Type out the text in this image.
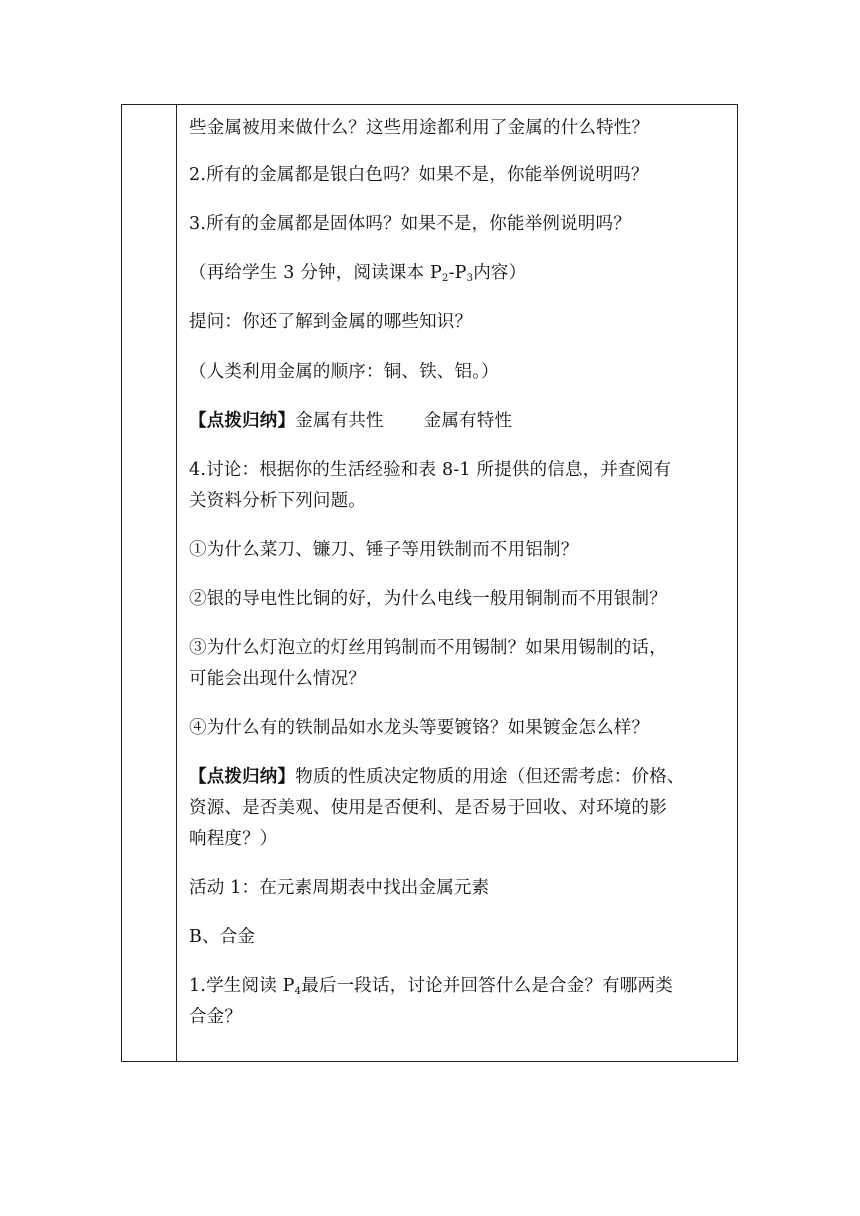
些金属被用来做什么？这些用途都利用了金属的什么特性？
2.所有的金属都是银白色吗？如果不是，你能举例说明吗？
3.所有的金属都是固体吗？如果不是，你能举例说明吗？
（再给学生 3 分钟，阅读课本 $P_2-P_3$内容）
提问：你还了解到金属的哪些知识？
（人类利用金属的顺序：铜、铁、铝。）
【点拨归纳】金属有共性 金属有特性
4.讨论：根据你的生活经验和表 8-1 所提供的信息，并查阅有
关资料分析下列问题。
①为什么菜刀、镰刀、锤子等用铁制而不用铝制？
②银的导电性比铜的好，为什么电线一般用铜制而不用银制？
③为什么灯泡立的灯丝用钨制而不用锡制？如果用锡制的话，
可能会出现什么情况？
④为什么有的铁制品如水龙头等要镀铬？如果镀金怎么样？
【点拨归纳】物质的性质决定物质的用途（但还需考虑：价格、
资源、是否美观、使用是否便利、是否易于回收、对环境的影
响程度？）
活动 1：在元素周期表中找出金属元素
B、合金
1.学生阅读 $P_4$最后一段话，讨论并回答什么是合金？有哪两类
合金？
